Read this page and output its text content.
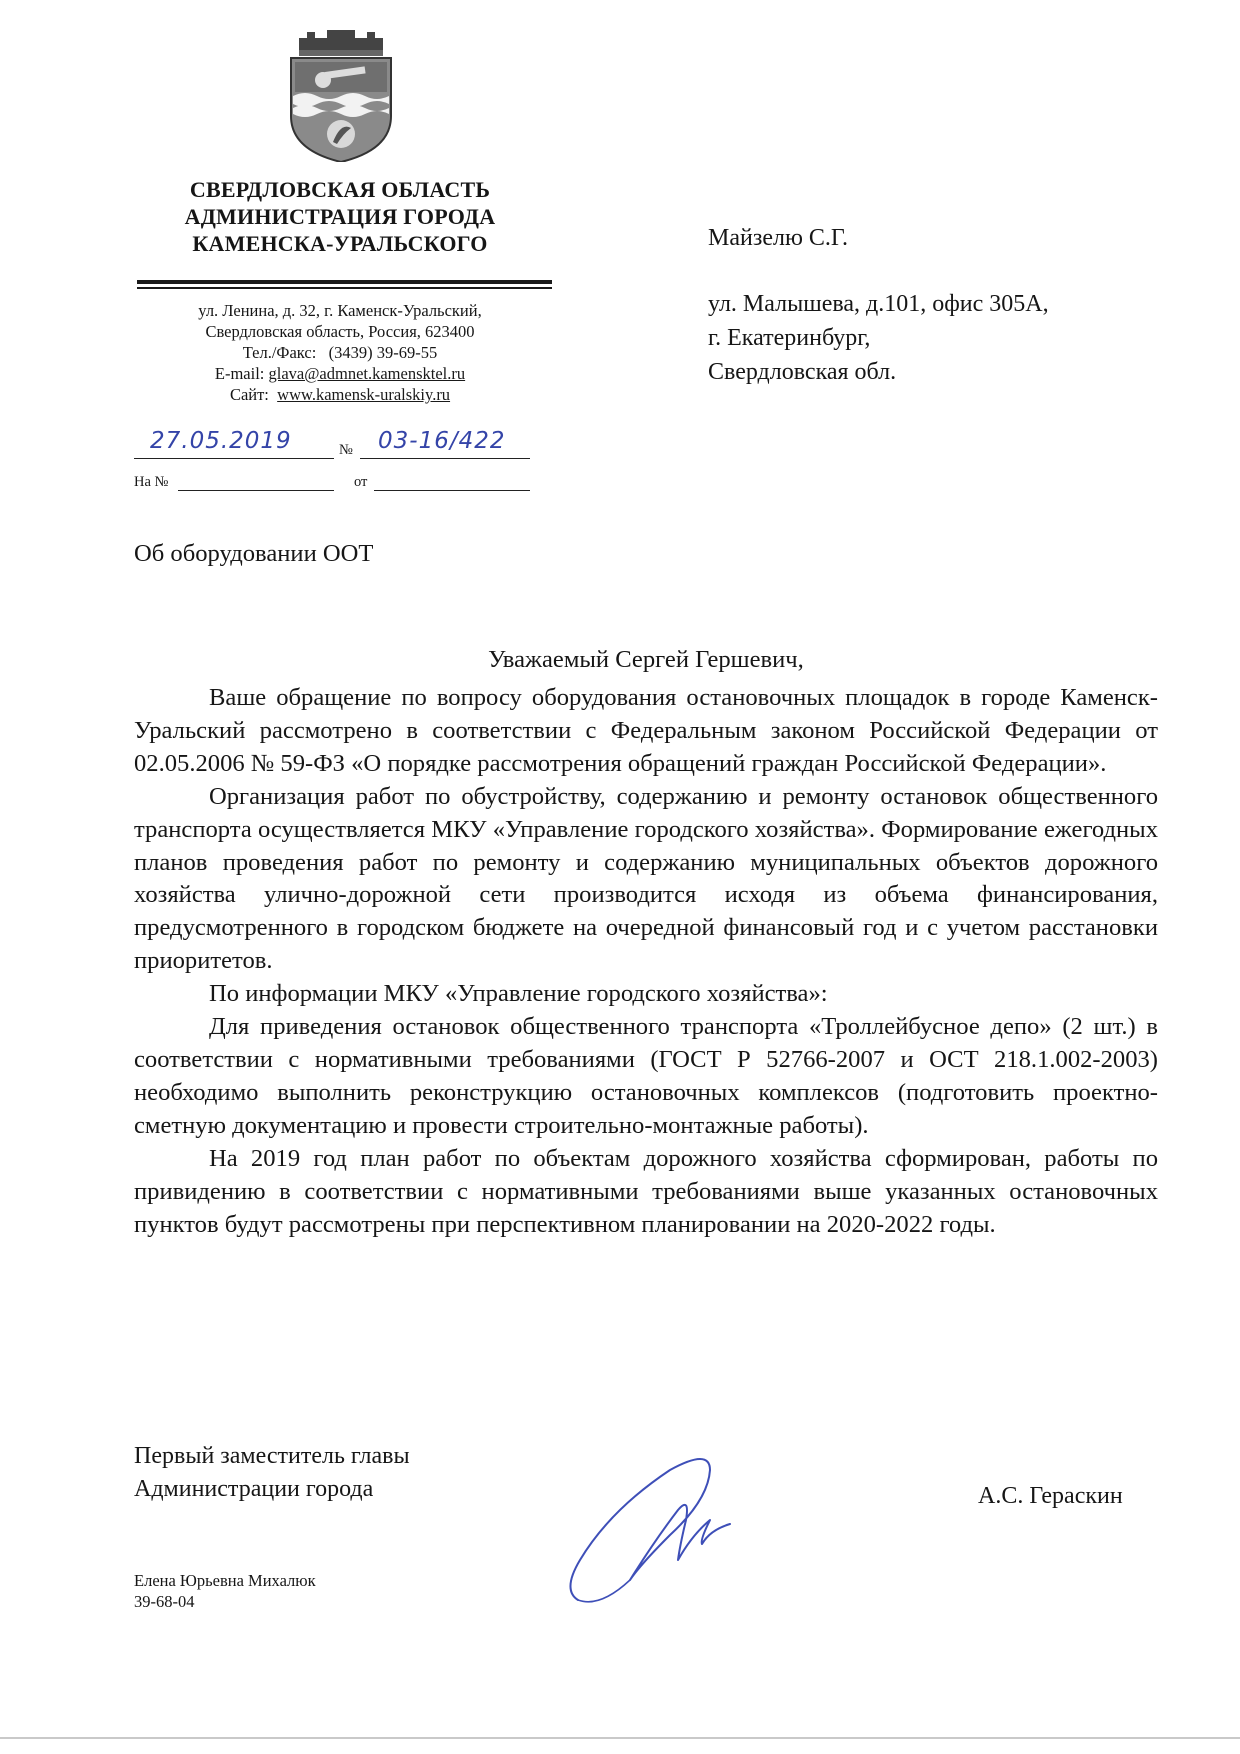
СВЕРДЛОВСКАЯ ОБЛАСТЬ
АДМИНИСТРАЦИЯ ГОРОДА
КАМЕНСКА-УРАЛЬСКОГО
ул. Ленина, д. 32, г. Каменск-Уральский,
Свердловская область, Россия, 623400
Тел./Факс: (3439) 39-69-55
E-mail: glava@admnet.kamensktel.ru
Сайт: www.kamensk-uralskiy.ru
27.05.2019	№ 03-16/422
На №	от
Майзелю С.Г.
ул. Малышева, д.101, офис 305А,
г. Екатеринбург,
Свердловская обл.
Об оборудовании ООТ
Уважаемый Сергей Гершевич,

Ваше обращение по вопросу оборудования остановочных площадок в городе Каменск-Уральский рассмотрено в соответствии с Федеральным законом Российской Федерации от 02.05.2006 № 59-ФЗ «О порядке рассмотрения обращений граждан Российской Федерации».

Организация работ по обустройству, содержанию и ремонту остановок общественного транспорта осуществляется МКУ «Управление городского хозяйства». Формирование ежегодных планов проведения работ по ремонту и содержанию муниципальных объектов дорожного хозяйства улично-дорожной сети производится исходя из объема финансирования, предусмотренного в городском бюджете на очередной финансовый год и с учетом расстановки приоритетов.

По информации МКУ «Управление городского хозяйства»:

Для приведения остановок общественного транспорта «Троллейбусное депо» (2 шт.) в соответствии с нормативными требованиями (ГОСТ Р 52766-2007 и ОСТ 218.1.002-2003) необходимо выполнить реконструкцию остановочных комплексов (подготовить проектно-сметную документацию и провести строительно-монтажные работы).

На 2019 год план работ по объектам дорожного хозяйства сформирован, работы по привидению в соответствии с нормативными требованиями выше указанных остановочных пунктов будут рассмотрены при перспективном планировании на 2020-2022 годы.

Первый заместитель главы
Администрации города	А.С. Гераскин
Елена Юрьевна Михалюк
39-68-04
